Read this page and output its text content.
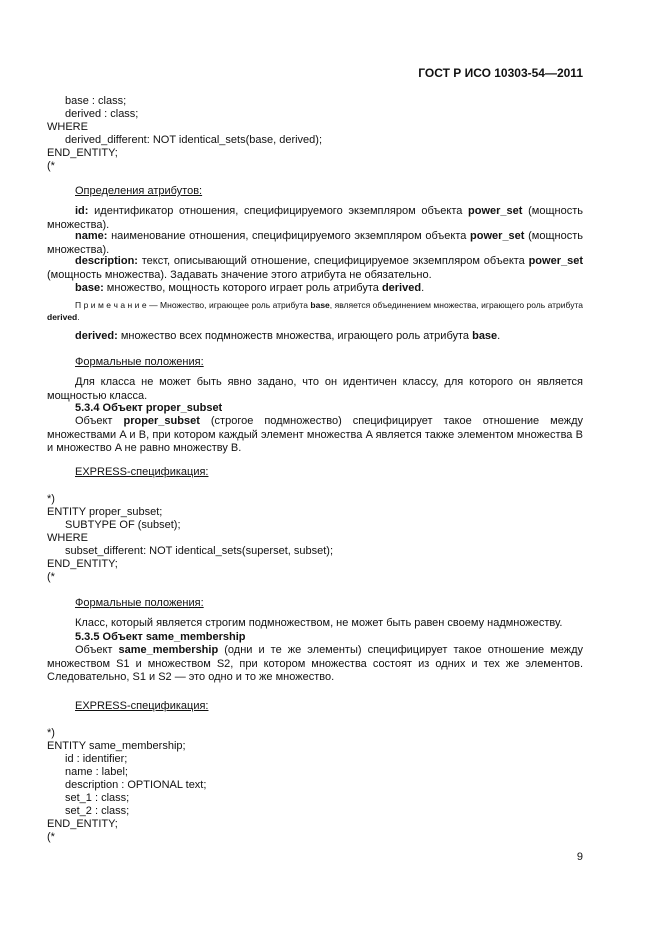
ГОСТ Р ИСО 10303-54—2011
base : class;
derived : class;
WHERE
derived_different: NOT identical_sets(base, derived);
END_ENTITY;
(*
Определения атрибутов:
id: идентификатор отношения, специфицируемого экземпляром объекта power_set (мощность множества).
name: наименование отношения, специфицируемого экземпляром объекта power_set (мощность множества).
description: текст, описывающий отношение, специфицируемое экземпляром объекта power_set (мощность множества). Задавать значение этого атрибута не обязательно.
base: множество, мощность которого играет роль атрибута derived.
П р и м е ч а н и е — Множество, играющее роль атрибута base, является объединением множества, играющего роль атрибута derived.
derived: множество всех подмножеств множества, играющего роль атрибута base.
Формальные положения:
Для класса не может быть явно задано, что он идентичен классу, для которого он является мощностью класса.
5.3.4 Объект proper_subset
Объект proper_subset (строгое подмножество) специфицирует такое отношение между множествами A и B, при котором каждый элемент множества A является также элементом множества B и множество A не равно множеству B.
EXPRESS-спецификация:
*)
ENTITY proper_subset;
SUBTYPE OF (subset);
WHERE
subset_different: NOT identical_sets(superset, subset);
END_ENTITY;
(*
Формальные положения:
Класс, который является строгим подмножеством, не может быть равен своему надмножеству.
5.3.5 Объект same_membership
Объект same_membership (одни и те же элементы) специфицирует такое отношение между множеством S1 и множеством S2, при котором множества состоят из одних и тех же элементов. Следовательно, S1 и S2 — это одно и то же множество.
EXPRESS-спецификация:
*)
ENTITY same_membership;
id : identifier;
name : label;
description : OPTIONAL text;
set_1 : class;
set_2 : class;
END_ENTITY;
(*
9
